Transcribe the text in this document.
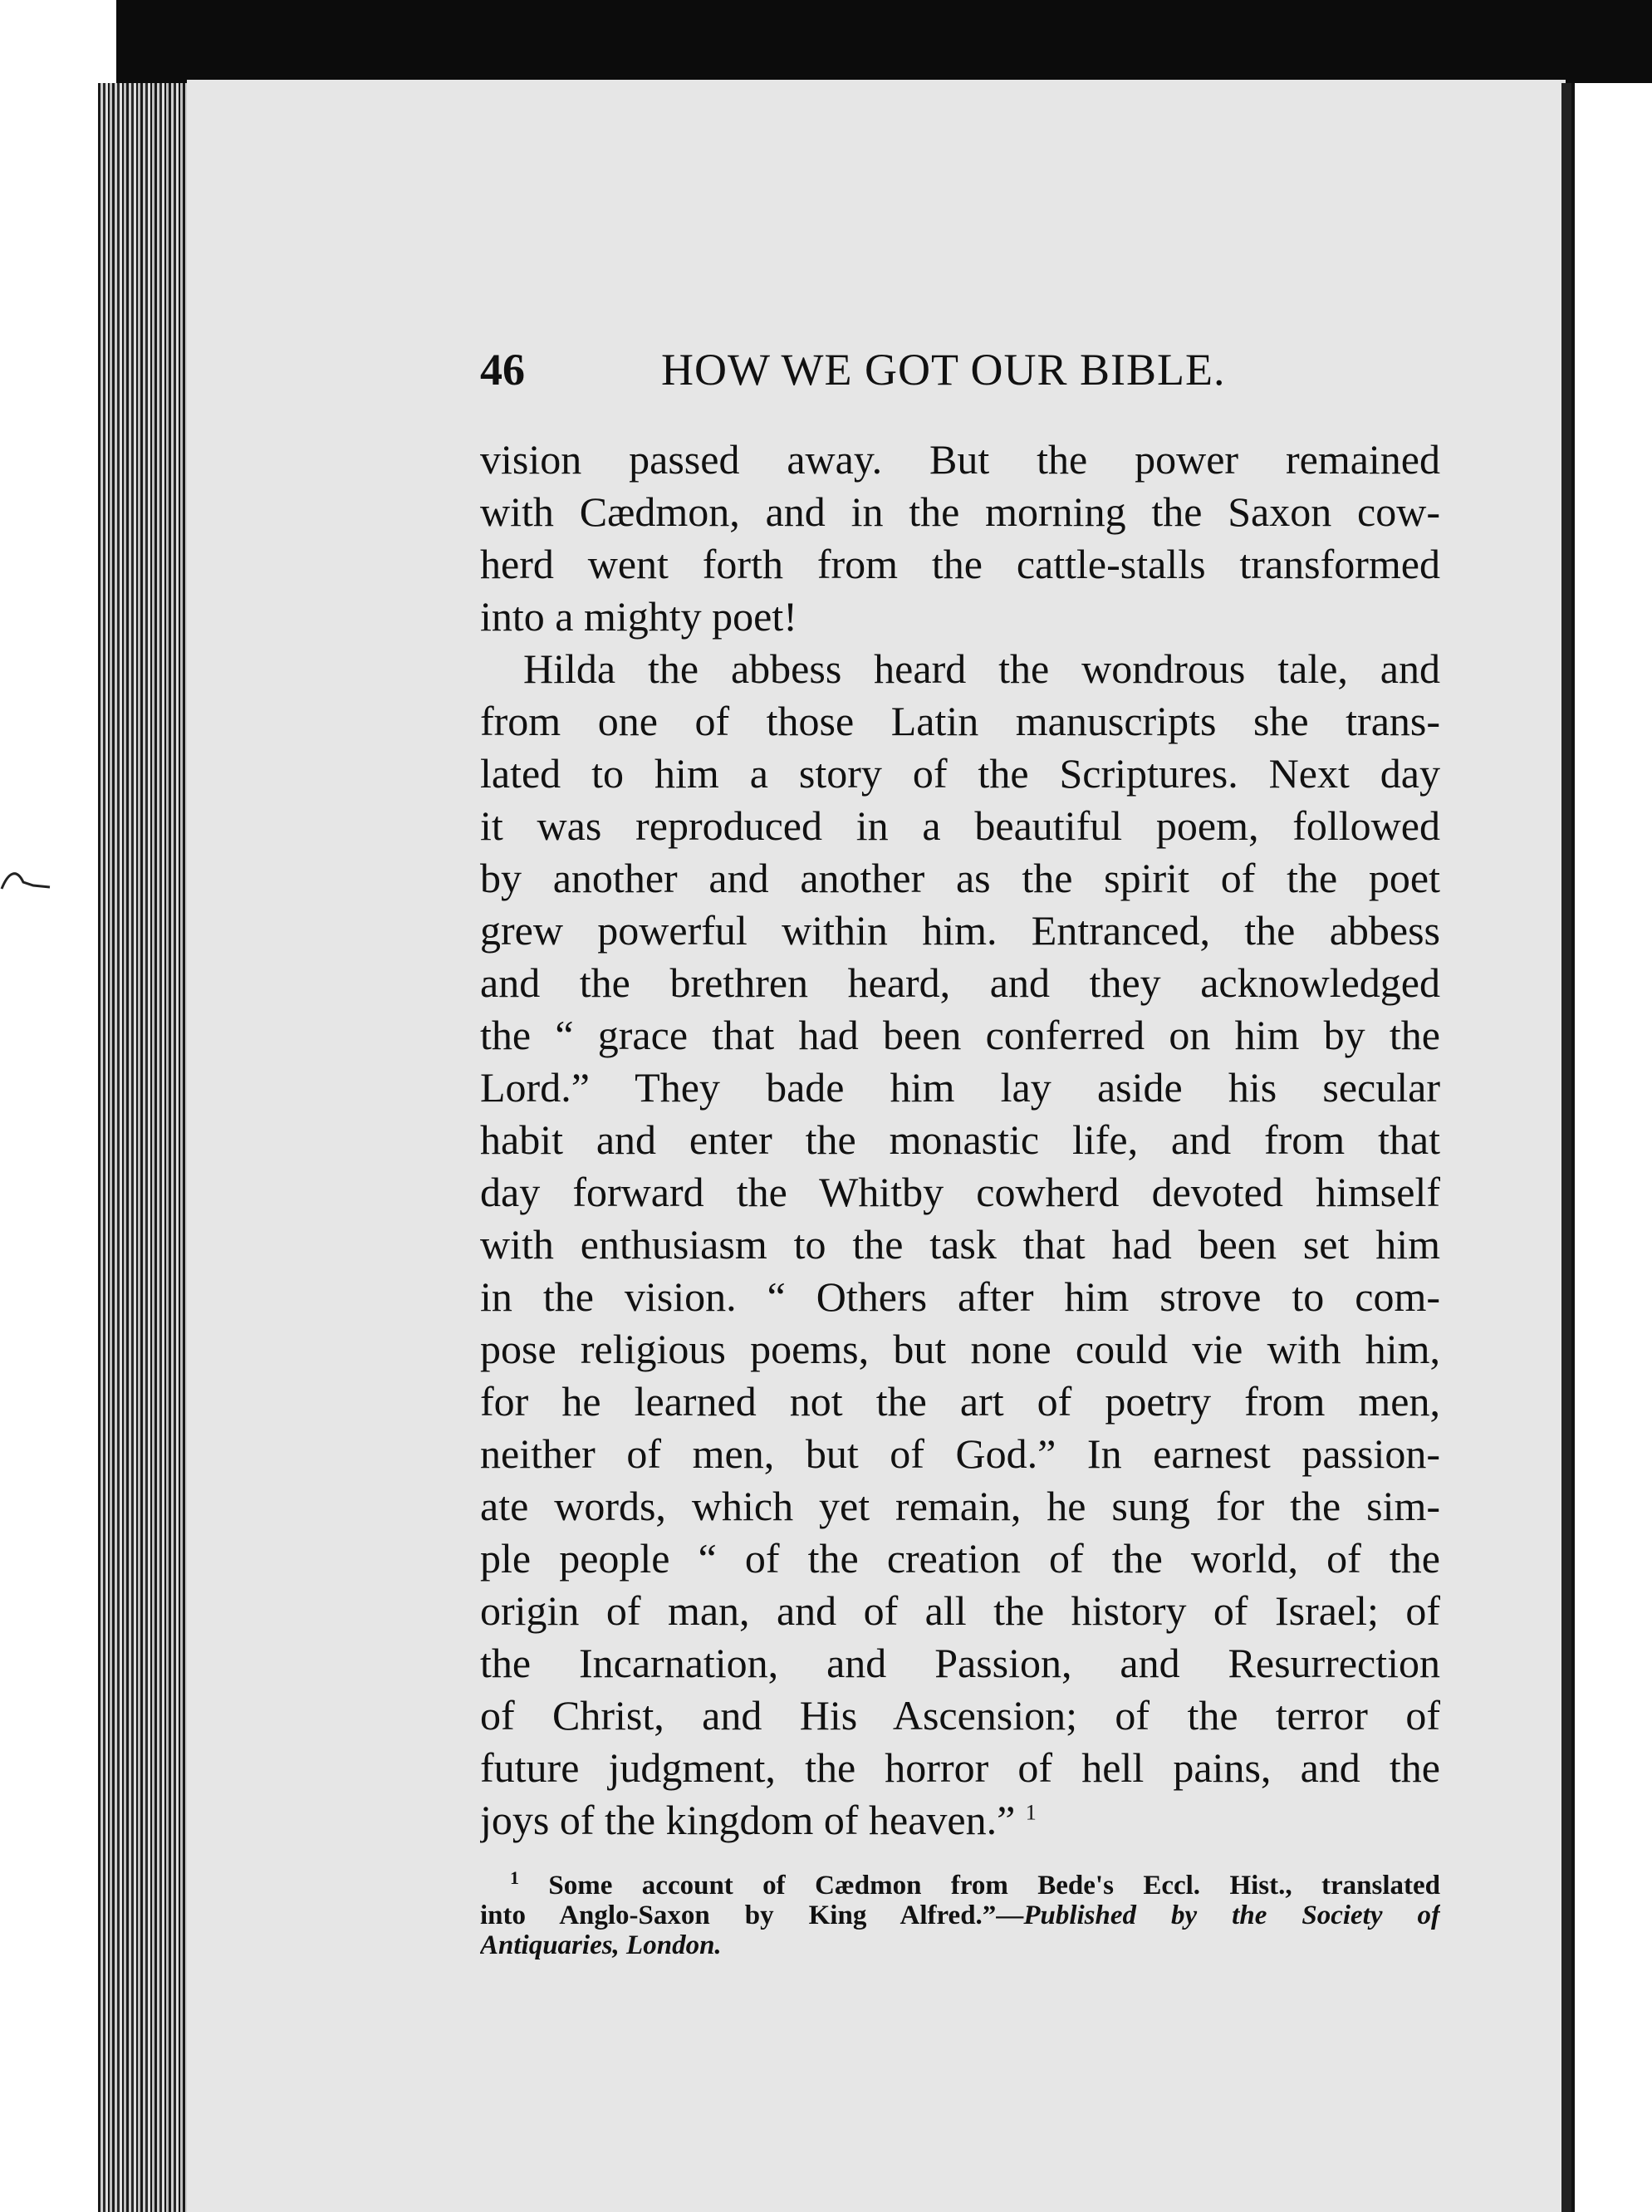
46	HOW WE GOT OUR BIBLE.
vision passed away. But the power remained
with Cædmon, and in the morning the Saxon cow-
herd went forth from the cattle-stalls transformed
into a mighty poet!
Hilda the abbess heard the wondrous tale, and
from one of those Latin manuscripts she trans-
lated to him a story of the Scriptures. Next day
it was reproduced in a beautiful poem, followed
by another and another as the spirit of the poet
grew powerful within him. Entranced, the abbess
and the brethren heard, and they acknowledged
the “ grace that had been conferred on him by the
Lord.” They bade him lay aside his secular
habit and enter the monastic life, and from that
day forward the Whitby cowherd devoted himself
with enthusiasm to the task that had been set him
in the vision. “ Others after him strove to com-
pose religious poems, but none could vie with him,
for he learned not the art of poetry from men,
neither of men, but of God.” In earnest passion-
ate words, which yet remain, he sung for the sim-
ple people “ of the creation of the world, of the
origin of man, and of all the history of Israel; of
the Incarnation, and Passion, and Resurrection
of Christ, and His Ascension; of the terror of
future judgment, the horror of hell pains, and the
joys of the kingdom of heaven.” $^1$
$^1$ Some account of Cædmon from Bede's Eccl. Hist., translated
into Anglo-Saxon by King Alfred.”—Published by the Society of
Antiquaries, London.
